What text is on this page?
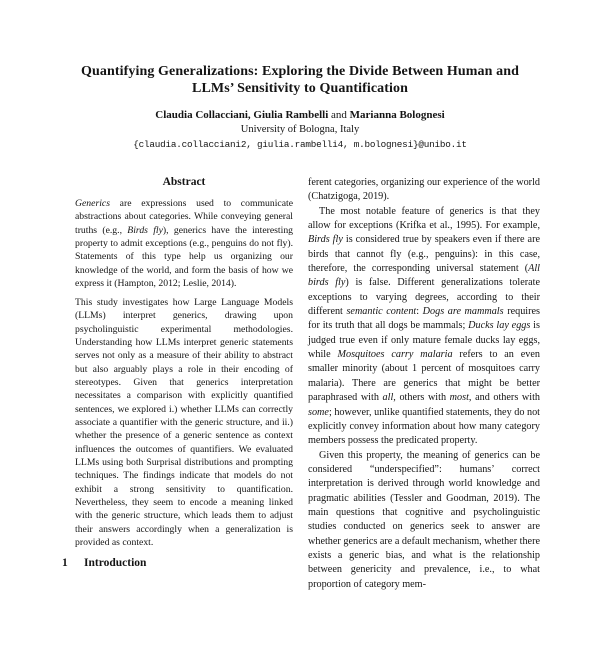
Quantifying Generalizations: Exploring the Divide Between Human and LLMs’ Sensitivity to Quantification
Claudia Collacciani, Giulia Rambelli and Marianna Bolognesi
University of Bologna, Italy
{claudia.collacciani2, giulia.rambelli4, m.bolognesi}@unibo.it
Abstract

Generics are expressions used to communicate abstractions about categories. While conveying general truths (e.g., Birds fly), generics have the interesting property to admit exceptions (e.g., penguins do not fly). Statements of this type help us organizing our knowledge of the world, and form the basis of how we express it (Hampton, 2012; Leslie, 2014).

This study investigates how Large Language Models (LLMs) interpret generics, drawing upon psycholinguistic experimental methodologies. Understanding how LLMs interpret generic statements serves not only as a measure of their ability to abstract but also arguably plays a role in their encoding of stereotypes. Given that generics interpretation necessitates a comparison with explicitly quantified sentences, we explored i.) whether LLMs can correctly associate a quantifier with the generic structure, and ii.) whether the presence of a generic sentence as context influences the outcomes of quantifiers. We evaluated LLMs using both Surprisal distributions and prompting techniques. The findings indicate that models do not exhibit a strong sensitivity to quantification. Nevertheless, they seem to encode a meaning linked with the generic structure, which leads them to adjust their answers accordingly when a generalization is provided as context.

1 Introduction

ferent categories, organizing our experience of the world (Chatzigoga, 2019).

The most notable feature of generics is that they allow for exceptions (Krifka et al., 1995). For example, Birds fly is considered true by speakers even if there are birds that cannot fly (e.g., penguins): in this case, therefore, the corresponding universal statement (All birds fly) is false. Different generalizations tolerate exceptions to varying degrees, according to their different semantic content: Dogs are mammals requires for its truth that all dogs be mammals; Ducks lay eggs is judged true even if only mature female ducks lay eggs, while Mosquitoes carry malaria refers to an even smaller minority (about 1 percent of mosquitoes carry malaria). There are generics that might be better paraphrased with all, others with most, and others with some; however, unlike quantified statements, they do not explicitly convey information about how many category members possess the predicated property.

Given this property, the meaning of generics can be considered “underspecified”: humans’ correct interpretation is derived through world knowledge and pragmatic abilities (Tessler and Goodman, 2019). The main questions that cognitive and psycholinguistic studies conducted on generics seek to answer are whether generics are a default mechanism, whether there exists a generic bias, and what is the relationship between genericity and prevalence, i.e., to what proportion of category mem-
